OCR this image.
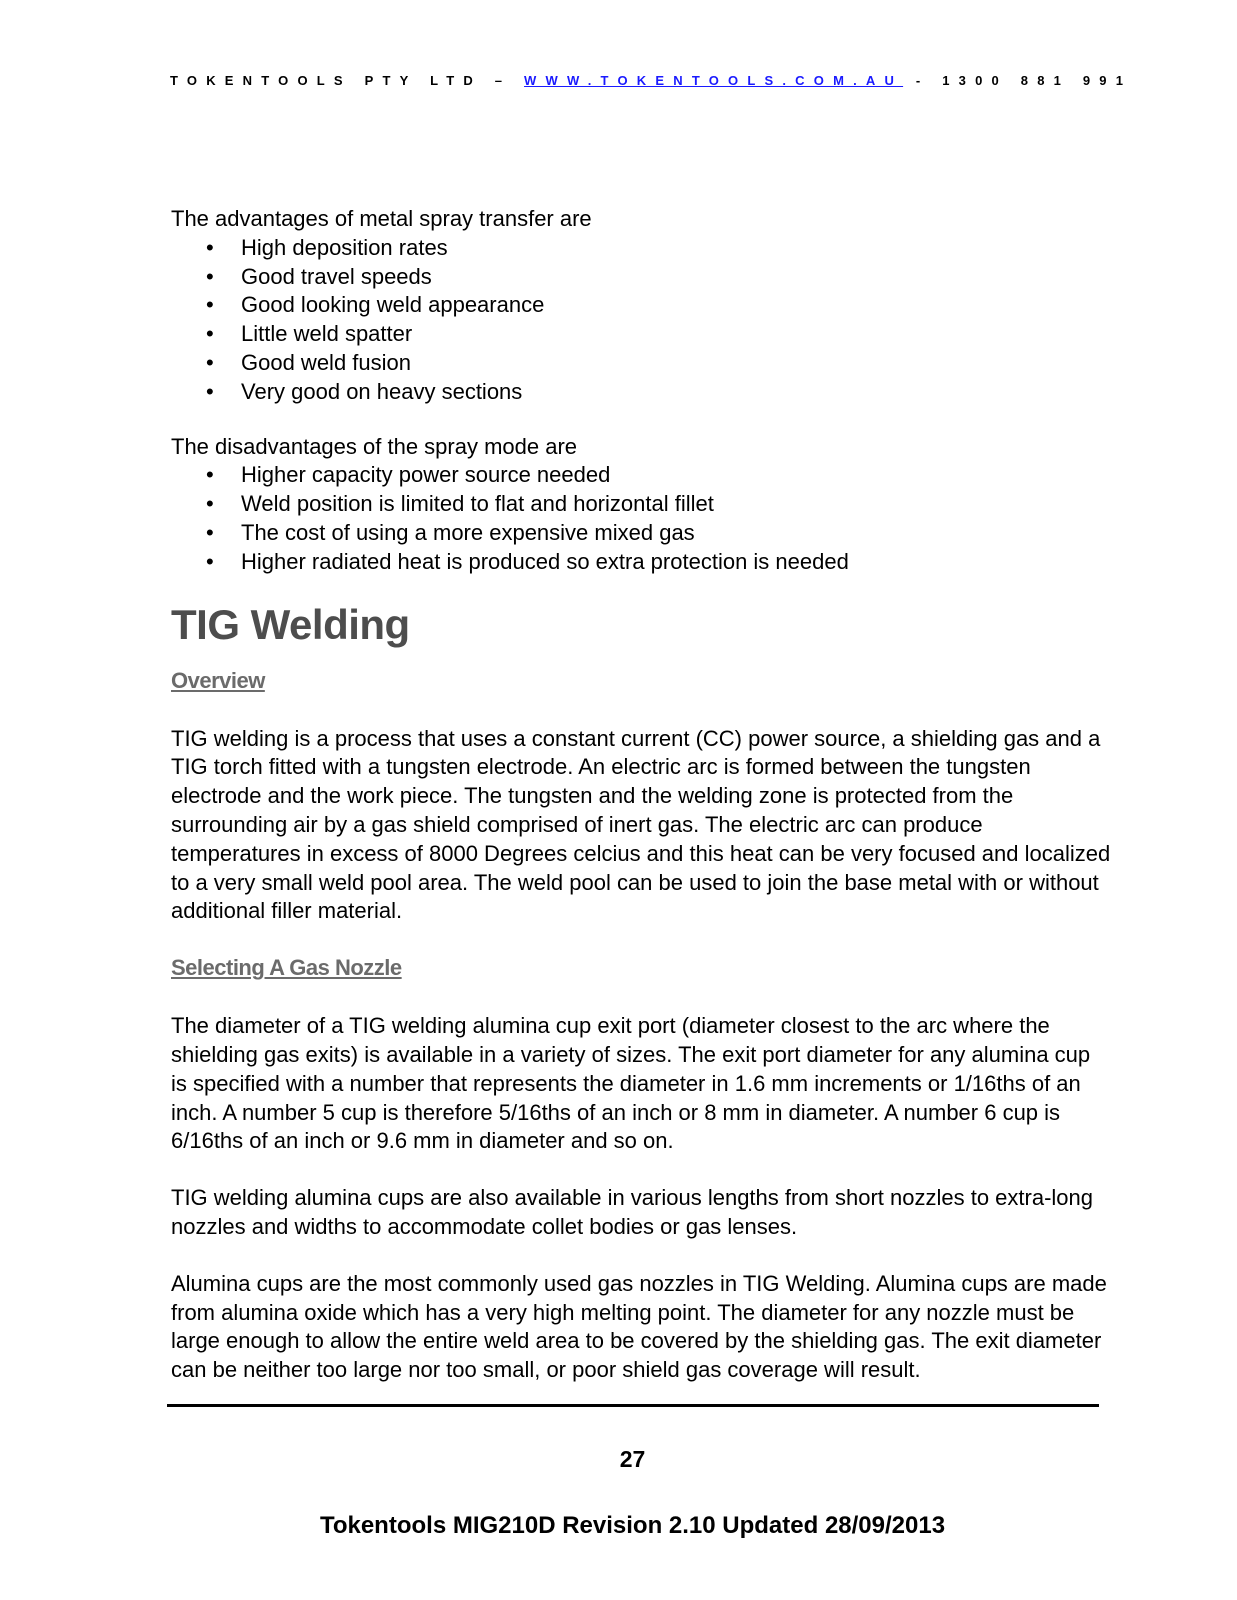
TOKENTOOLS PTY LTD – WWW.TOKENTOOLS.COM.AU - 1300 881 991

The advantages of metal spray transfer are

• High deposition rates
• Good travel speeds
• Good looking weld appearance
• Little weld spatter
• Good weld fusion
• Very good on heavy sections

The disadvantages of the spray mode are

• Higher capacity power source needed
• Weld position is limited to flat and horizontal fillet
• The cost of using a more expensive mixed gas
• Higher radiated heat is produced so extra protection is needed
TIG Welding
Overview

TIG welding is a process that uses a constant current (CC) power source, a shielding gas and a TIG torch fitted with a tungsten electrode. An electric arc is formed between the tungsten electrode and the work piece. The tungsten and the welding zone is protected from the surrounding air by a gas shield comprised of inert gas. The electric arc can produce temperatures in excess of 8000 Degrees celcius and this heat can be very focused and localized to a very small weld pool area. The weld pool can be used to join the base metal with or without additional filler material.

Selecting A Gas Nozzle

The diameter of a TIG welding alumina cup exit port (diameter closest to the arc where the shielding gas exits) is available in a variety of sizes. The exit port diameter for any alumina cup is specified with a number that represents the diameter in 1.6 mm increments or 1/16ths of an inch. A number 5 cup is therefore 5/16ths of an inch or 8 mm in diameter. A number 6 cup is 6/16ths of an inch or 9.6 mm in diameter and so on.

TIG welding alumina cups are also available in various lengths from short nozzles to extra-long nozzles and widths to accommodate collet bodies or gas lenses.

Alumina cups are the most commonly used gas nozzles in TIG Welding. Alumina cups are made from alumina oxide which has a very high melting point. The diameter for any nozzle must be large enough to allow the entire weld area to be covered by the shielding gas. The exit diameter can be neither too large nor too small, or poor shield gas coverage will result.

27
Tokentools MIG210D Revision 2.10 Updated 28/09/2013
